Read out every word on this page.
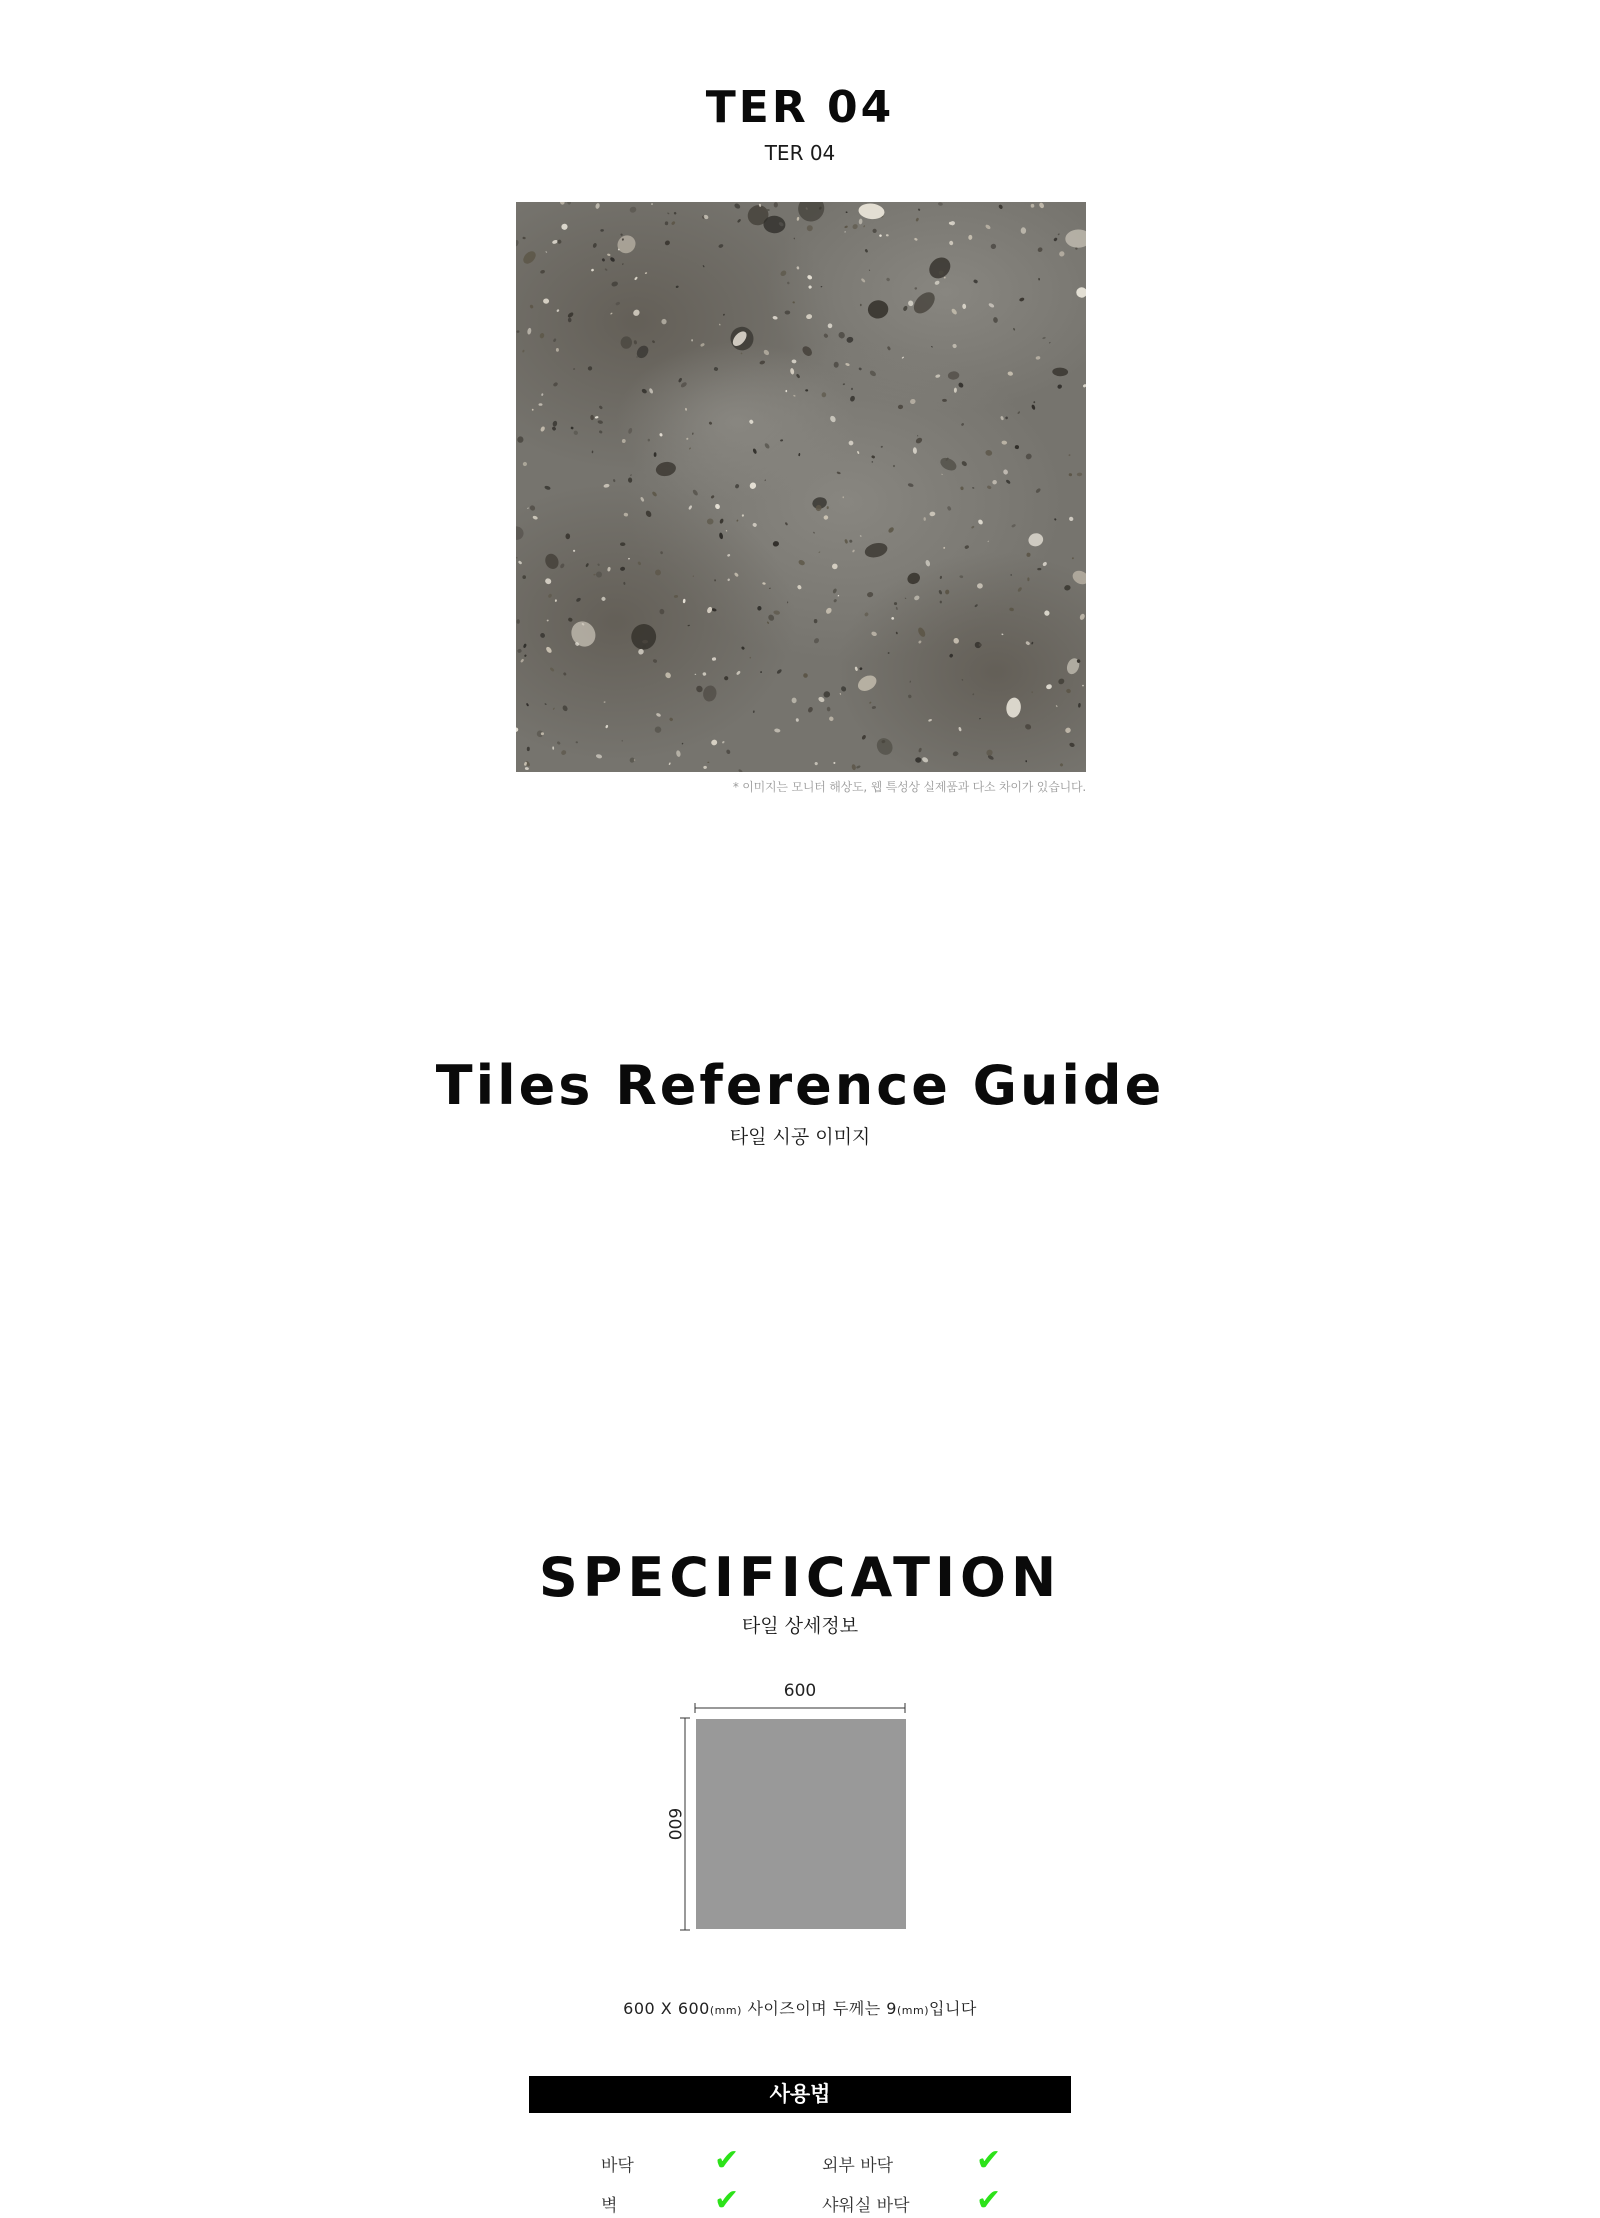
TER 04
TER 04
* 이미지는 모니터 해상도, 웹 특성상 실제품과 다소 차이가 있습니다.
Tiles Reference Guide
타일 시공 이미지
SPECIFICATION
타일 상세정보
600
600
600 X 600(mm) 사이즈이며 두께는 9(mm)입니다
사용법
바닥	✔	외부 바닥	✔
벽	✔	샤워실 바닥 ✔
